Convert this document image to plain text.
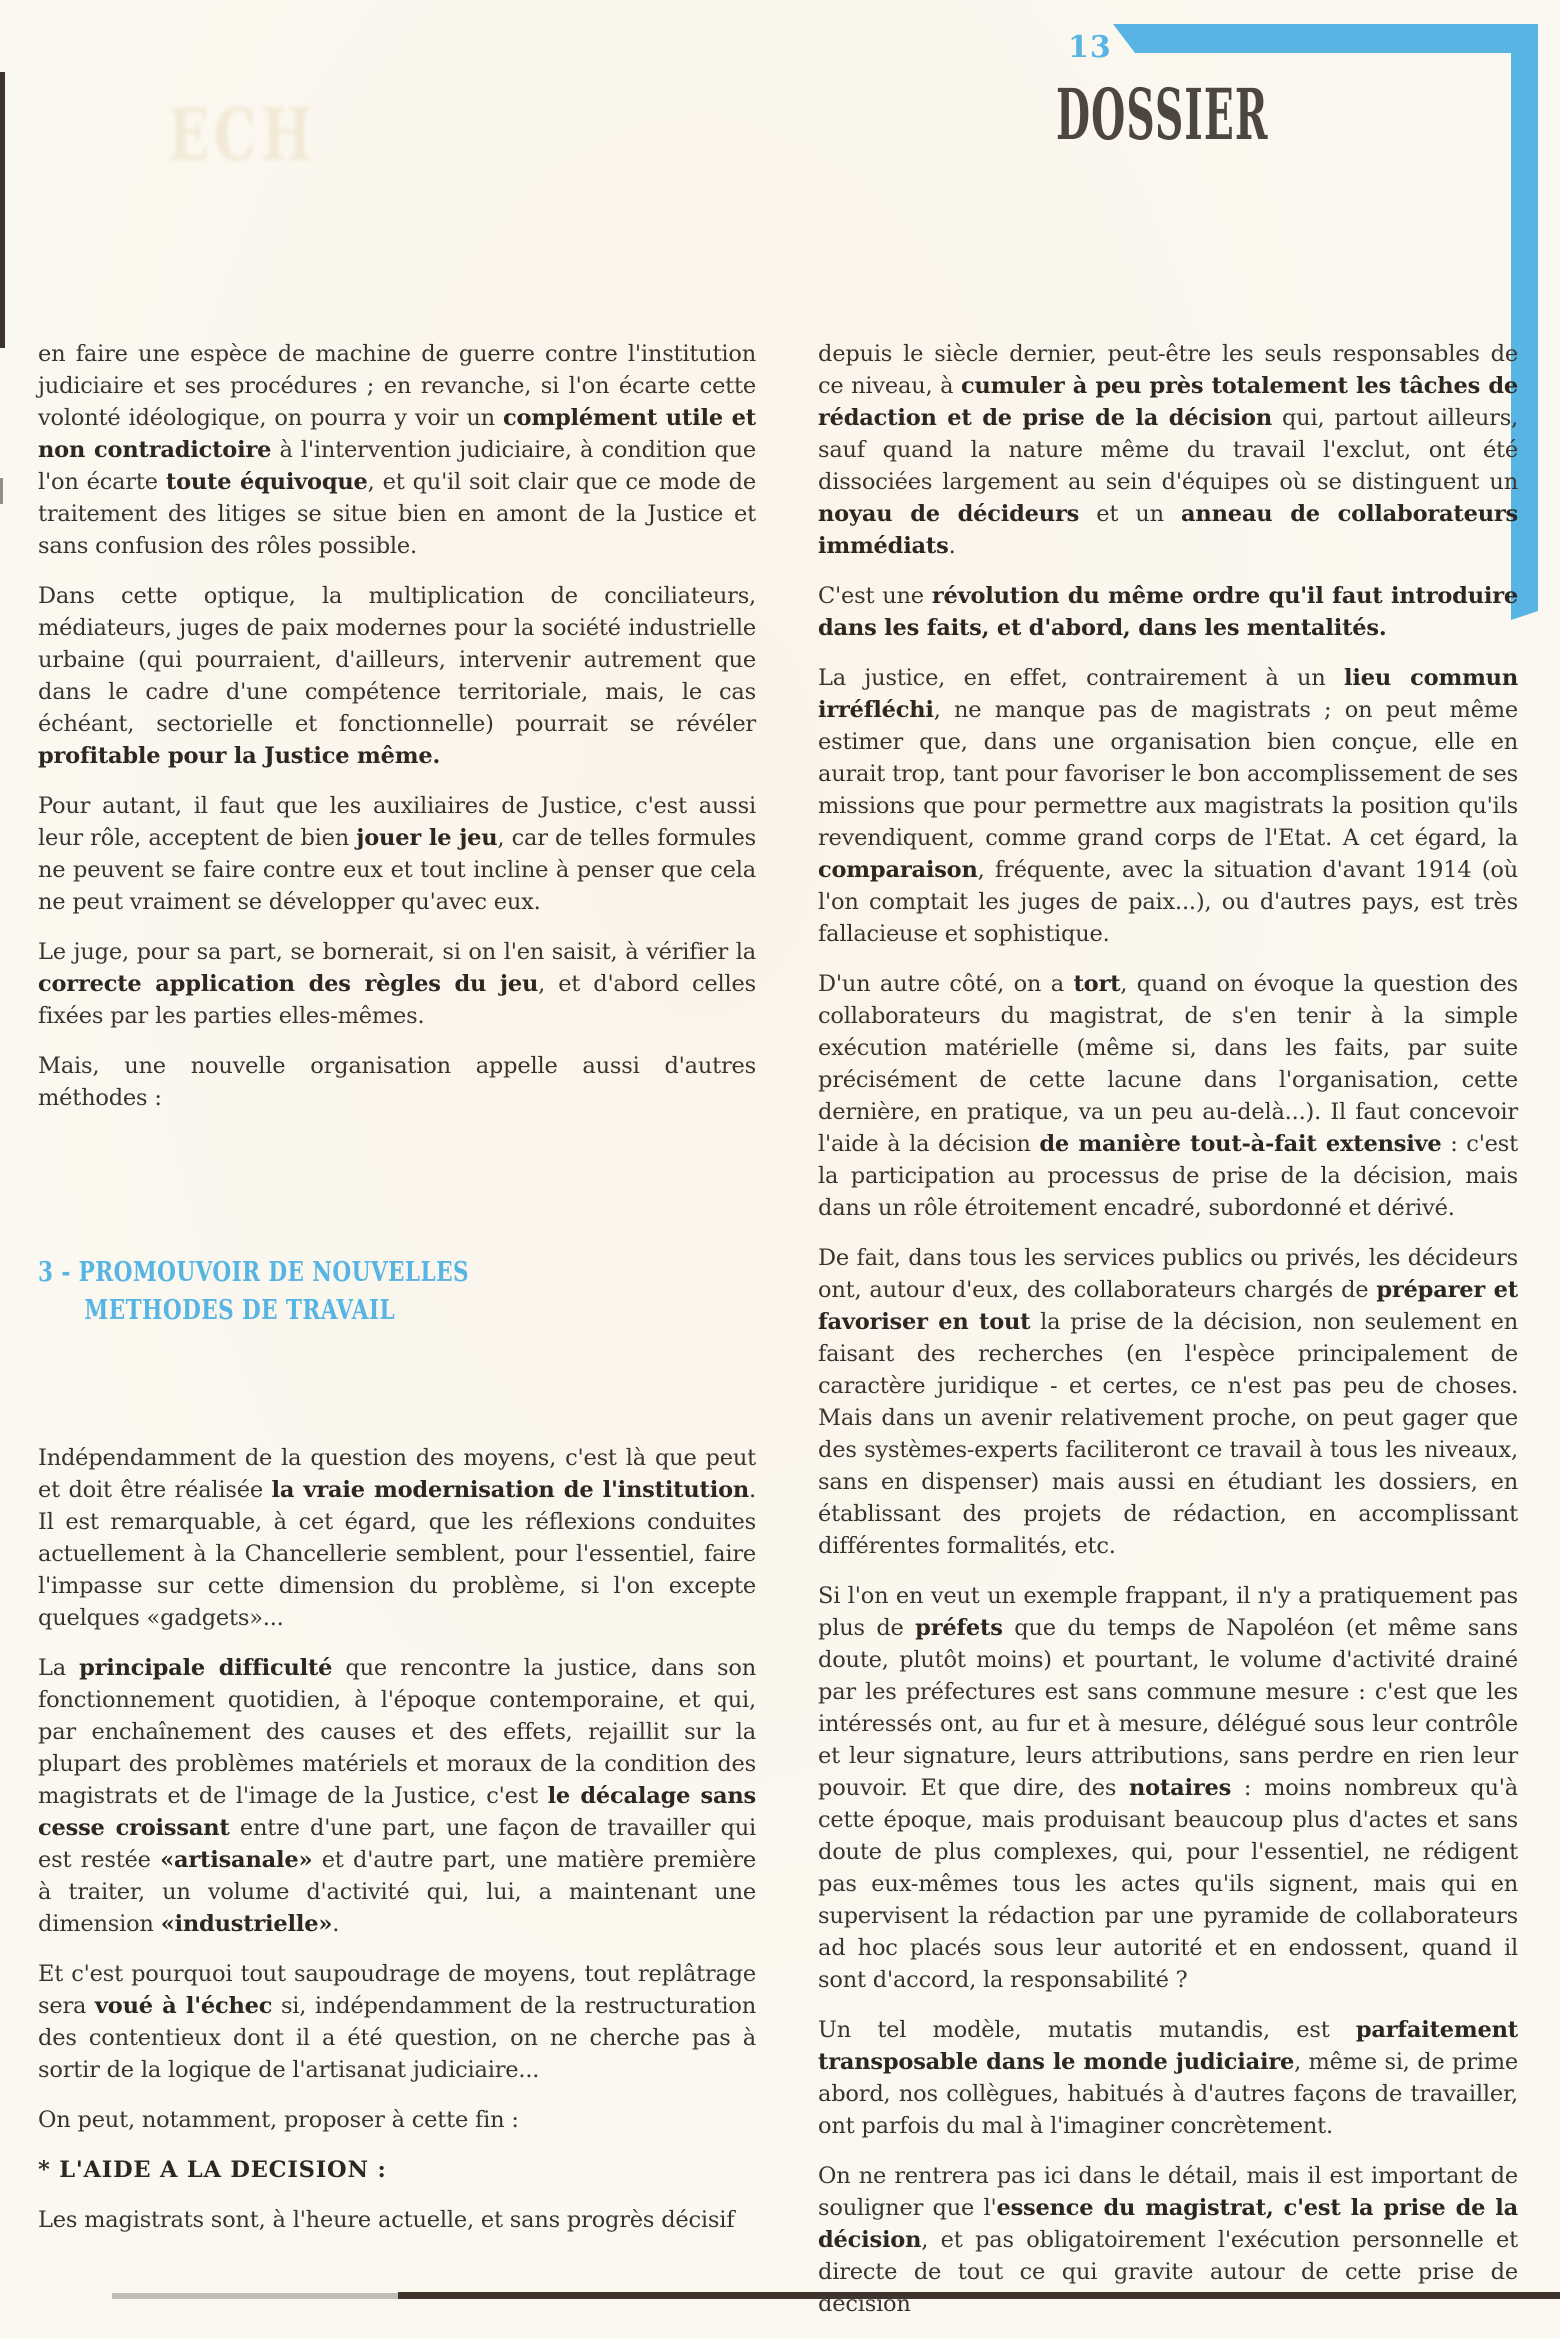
ECH
13
DOSSIER

en faire une espèce de machine de guerre contre l'institution judiciaire et ses procédures ; en revanche, si l'on écarte cette volonté idéologique, on pourra y voir un complément utile et non contradictoire à l'intervention judiciaire, à condition que l'on écarte toute équivoque, et qu'il soit clair que ce mode de traitement des litiges se situe bien en amont de la Justice et sans confusion des rôles possible.

Dans cette optique, la multiplication de conciliateurs, médiateurs, juges de paix modernes pour la société industrielle urbaine (qui pourraient, d'ailleurs, intervenir autrement que dans le cadre d'une compétence territoriale, mais, le cas échéant, sectorielle et fonctionnelle) pourrait se révéler profitable pour la Justice même.

Pour autant, il faut que les auxiliaires de Justice, c'est aussi leur rôle, acceptent de bien jouer le jeu, car de telles formules ne peuvent se faire contre eux et tout incline à penser que cela ne peut vraiment se développer qu'avec eux.

Le juge, pour sa part, se bornerait, si on l'en saisit, à vérifier la correcte application des règles du jeu, et d'abord celles fixées par les parties elles-mêmes.

Mais, une nouvelle organisation appelle aussi d'autres méthodes :

3 - PROMOUVOIR DE NOUVELLES
METHODES DE TRAVAIL

Indépendamment de la question des moyens, c'est là que peut et doit être réalisée la vraie modernisation de l'institution. Il est remarquable, à cet égard, que les réflexions conduites actuellement à la Chancellerie semblent, pour l'essentiel, faire l'impasse sur cette dimension du problème, si l'on excepte quelques «gadgets»...

La principale difficulté que rencontre la justice, dans son fonctionnement quotidien, à l'époque contemporaine, et qui, par enchaînement des causes et des effets, rejaillit sur la plupart des problèmes matériels et moraux de la condition des magistrats et de l'image de la Justice, c'est le décalage sans cesse croissant entre d'une part, une façon de travailler qui est restée «artisanale» et d'autre part, une matière première à traiter, un volume d'activité qui, lui, a maintenant une dimension «industrielle».

Et c'est pourquoi tout saupoudrage de moyens, tout replâtrage sera voué à l'échec si, indépendamment de la restructuration des contentieux dont il a été question, on ne cherche pas à sortir de la logique de l'artisanat judiciaire...

On peut, notamment, proposer à cette fin :

* L'AIDE A LA DECISION :

Les magistrats sont, à l'heure actuelle, et sans progrès décisif

depuis le siècle dernier, peut-être les seuls responsables de ce niveau, à cumuler à peu près totalement les tâches de rédaction et de prise de la décision qui, partout ailleurs, sauf quand la nature même du travail l'exclut, ont été dissociées largement au sein d'équipes où se distinguent un noyau de décideurs et un anneau de collaborateurs immédiats.

C'est une révolution du même ordre qu'il faut introduire dans les faits, et d'abord, dans les mentalités.

La justice, en effet, contrairement à un lieu commun irréfléchi, ne manque pas de magistrats ; on peut même estimer que, dans une organisation bien conçue, elle en aurait trop, tant pour favoriser le bon accomplissement de ses missions que pour permettre aux magistrats la position qu'ils revendiquent, comme grand corps de l'Etat. A cet égard, la comparaison, fréquente, avec la situation d'avant 1914 (où l'on comptait les juges de paix...), ou d'autres pays, est très fallacieuse et sophistique.

D'un autre côté, on a tort, quand on évoque la question des collaborateurs du magistrat, de s'en tenir à la simple exécution matérielle (même si, dans les faits, par suite précisément de cette lacune dans l'organisation, cette dernière, en pratique, va un peu au-delà...). Il faut concevoir l'aide à la décision de manière tout-à-fait extensive : c'est la participation au processus de prise de la décision, mais dans un rôle étroitement encadré, subordonné et dérivé.

De fait, dans tous les services publics ou privés, les décideurs ont, autour d'eux, des collaborateurs chargés de préparer et favoriser en tout la prise de la décision, non seulement en faisant des recherches (en l'espèce principalement de caractère juridique - et certes, ce n'est pas peu de choses. Mais dans un avenir relativement proche, on peut gager que des systèmes-experts faciliteront ce travail à tous les niveaux, sans en dispenser) mais aussi en étudiant les dossiers, en établissant des projets de rédaction, en accomplissant différentes formalités, etc.

Si l'on en veut un exemple frappant, il n'y a pratiquement pas plus de préfets que du temps de Napoléon (et même sans doute, plutôt moins) et pourtant, le volume d'activité drainé par les préfectures est sans commune mesure : c'est que les intéressés ont, au fur et à mesure, délégué sous leur contrôle et leur signature, leurs attributions, sans perdre en rien leur pouvoir. Et que dire, des notaires : moins nombreux qu'à cette époque, mais produisant beaucoup plus d'actes et sans doute de plus complexes, qui, pour l'essentiel, ne rédigent pas eux-mêmes tous les actes qu'ils signent, mais qui en supervisent la rédaction par une pyramide de collaborateurs ad hoc placés sous leur autorité et en endossent, quand il sont d'accord, la responsabilité ?

Un tel modèle, mutatis mutandis, est parfaitement transposable dans le monde judiciaire, même si, de prime abord, nos collègues, habitués à d'autres façons de travailler, ont parfois du mal à l'imaginer concrètement.

On ne rentrera pas ici dans le détail, mais il est important de souligner que l'essence du magistrat, c'est la prise de la décision, et pas obligatoirement l'exécution personnelle et directe de tout ce qui gravite autour de cette prise de décision
